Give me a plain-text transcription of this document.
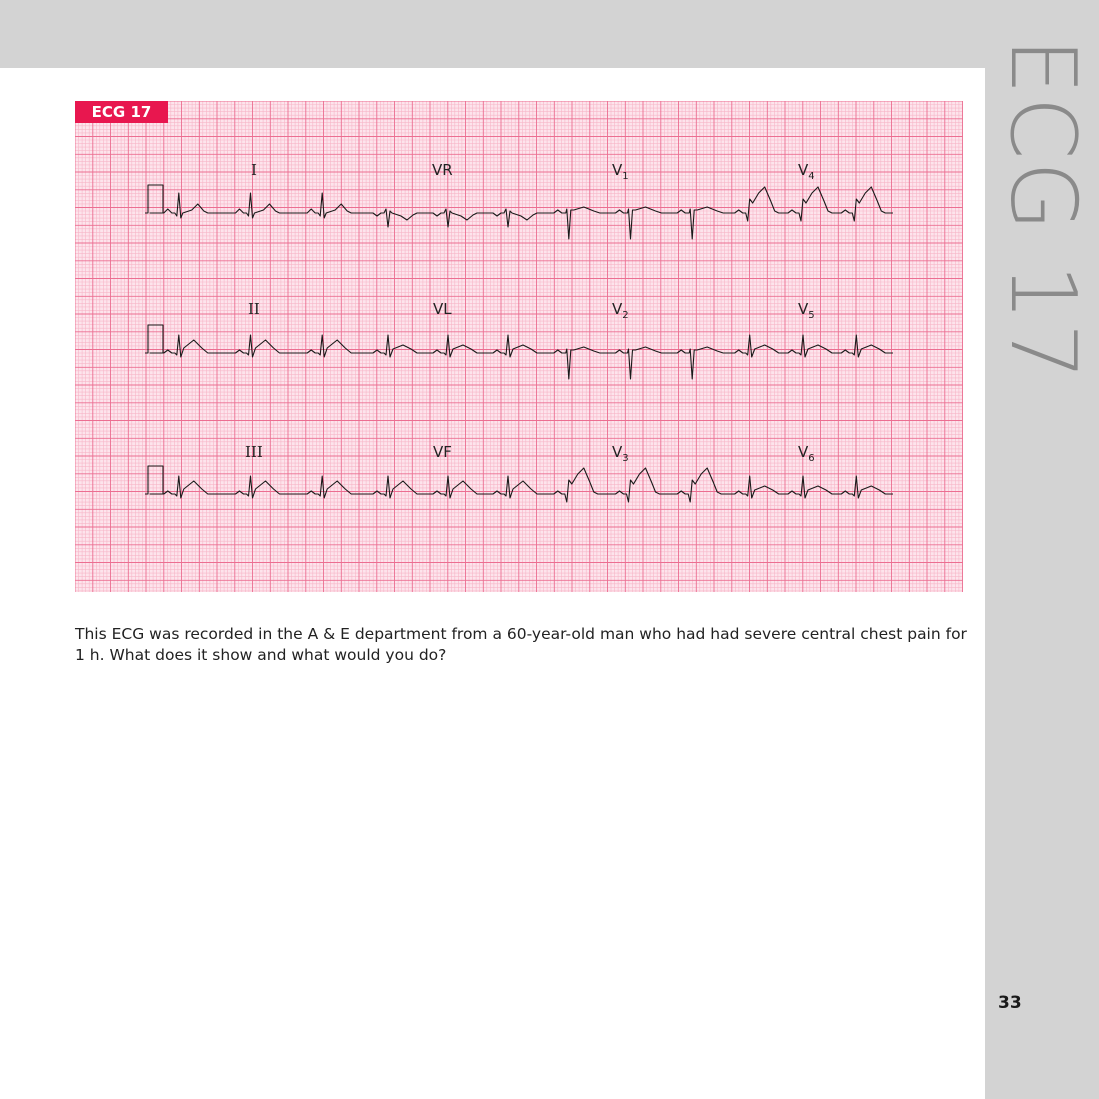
ECG 17
ECG 17
I	VR	$V_1$	$V_4$
II	VL	$V_2$	$V_5$
III	VF	$V_3$	$V_6$
This ECG was recorded in the A & E department from a 60-year-old man who had had severe central chest pain for 1 h. What does it show and what would you do?
33
